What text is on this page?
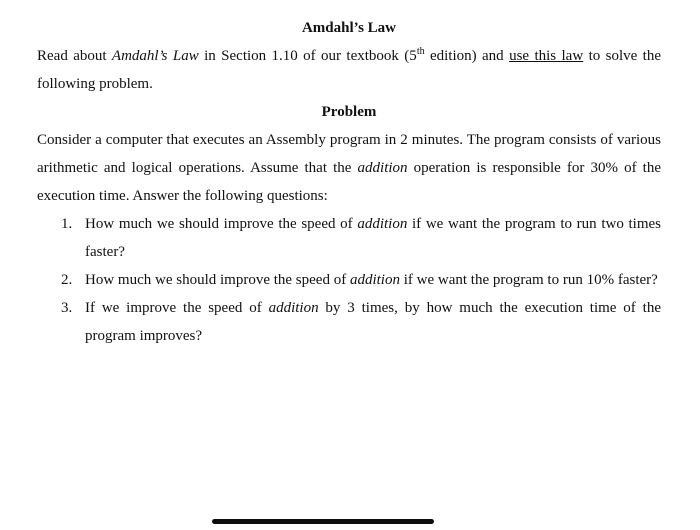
Amdahl’s Law

Read about Amdahl’s Law in Section 1.10 of our textbook (5th edition) and use this law to solve the following problem.

Problem

Consider a computer that executes an Assembly program in 2 minutes. The program consists of various arithmetic and logical operations. Assume that the addition operation is responsible for 30% of the execution time. Answer the following questions:

1. How much we should improve the speed of addition if we want the program to run two times faster?
2. How much we should improve the speed of addition if we want the program to run 10% faster?
3. If we improve the speed of addition by 3 times, by how much the execution time of the program improves?
